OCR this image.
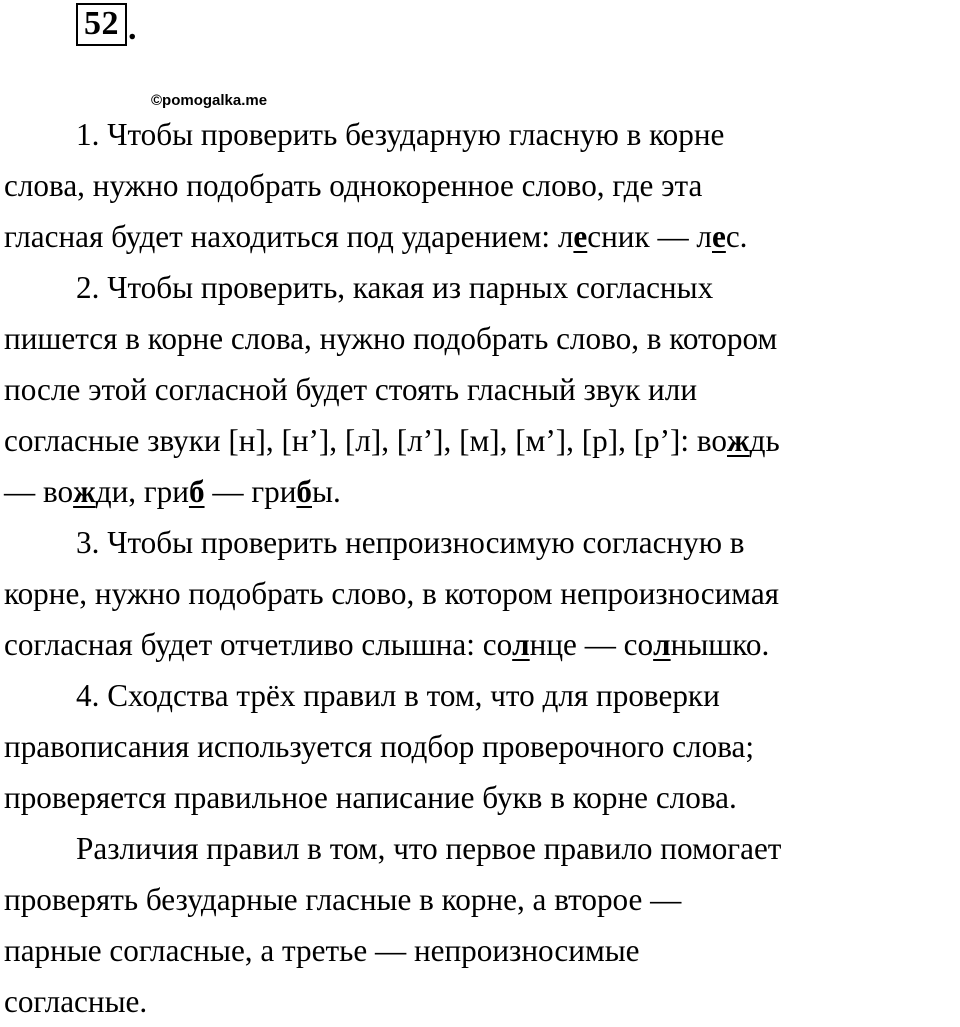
52 .
©pomogalka.me
1. Чтобы проверить безударную гласную в корне
слова, нужно подобрать однокоренное слово, где эта
гласная будет находиться под ударением: лесник — лес.
2. Чтобы проверить, какая из парных согласных
пишется в корне слова, нужно подобрать слово, в котором
после этой согласной будет стоять гласный звук или
согласные звуки [н], [н’], [л], [л’], [м], [м’], [р], [р’]: вождь
— вожди, гриб — грибы.
3. Чтобы проверить непроизносимую согласную в
корне, нужно подобрать слово, в котором непроизносимая
согласная будет отчетливо слышна: солнце — солнышко.
4. Сходства трёх правил в том, что для проверки
правописания используется подбор проверочного слова;
проверяется правильное написание букв в корне слова.
Различия правил в том, что первое правило помогает
проверять безударные гласные в корне, а второе —
парные согласные, а третье — непроизносимые
согласные.
